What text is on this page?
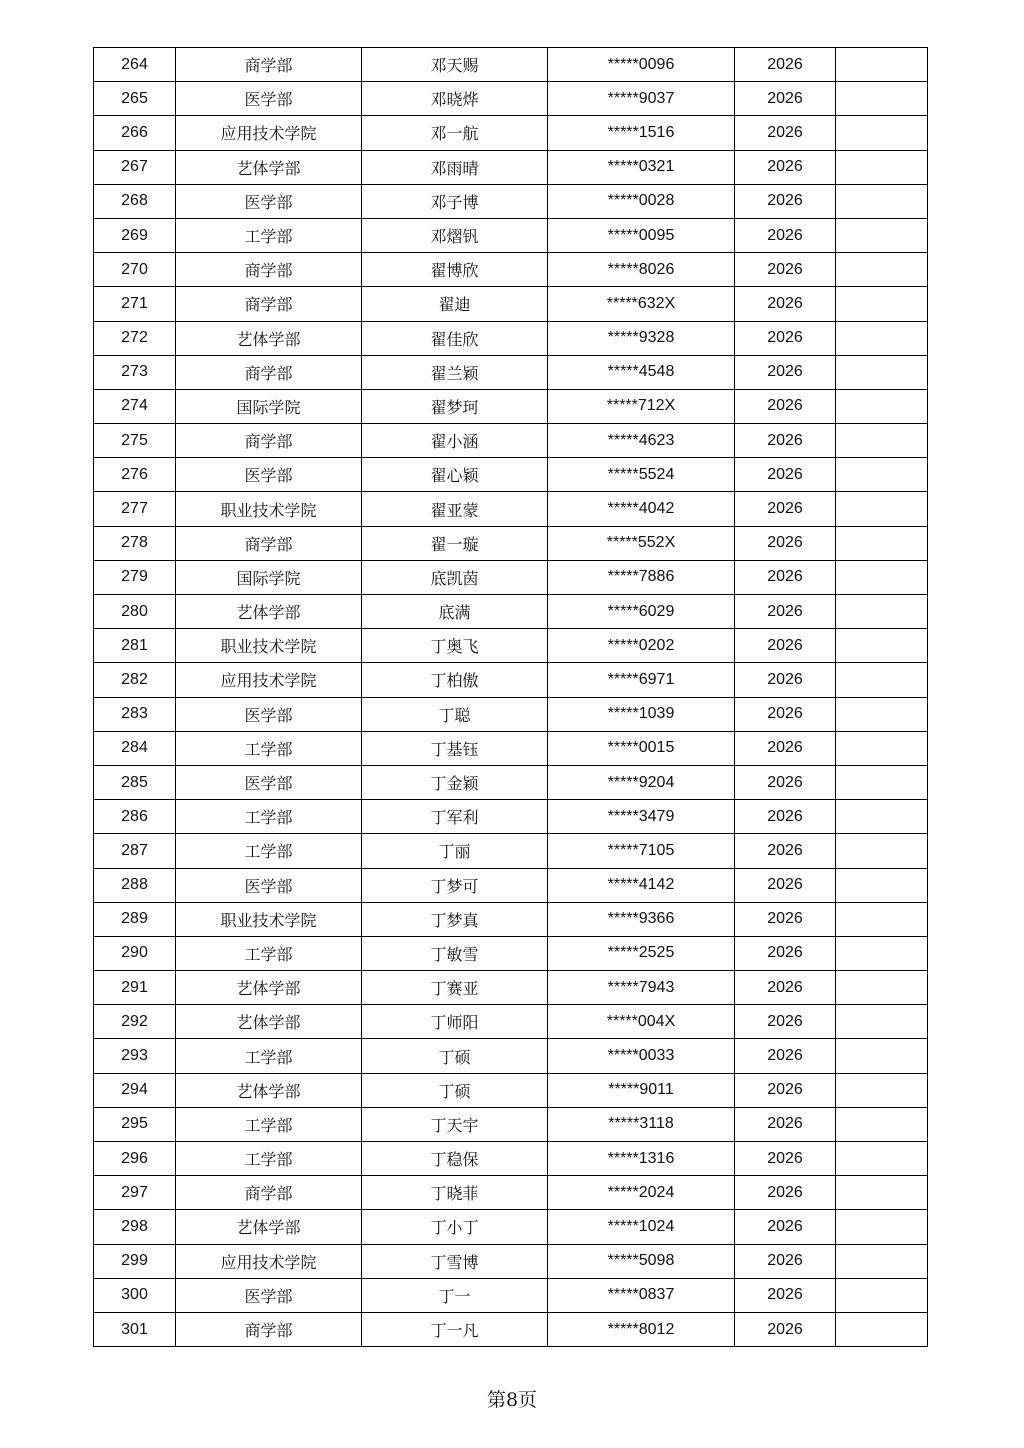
264	商学部	邓天赐	*****0096	2026	
265	医学部	邓晓烨	*****9037	2026	
266	应用技术学院	邓一航	*****1516	2026	
267	艺体学部	邓雨晴	*****0321	2026	
268	医学部	邓子博	*****0028	2026	
269	工学部	邓熠钒	*****0095	2026	
270	商学部	翟博欣	*****8026	2026	
271	商学部	翟迪	*****632X	2026	
272	艺体学部	翟佳欣	*****9328	2026	
273	商学部	翟兰颖	*****4548	2026	
274	国际学院	翟梦珂	*****712X	2026	
275	商学部	翟小涵	*****4623	2026	
276	医学部	翟心颖	*****5524	2026	
277	职业技术学院	翟亚蒙	*****4042	2026	
278	商学部	翟一璇	*****552X	2026	
279	国际学院	底凯茵	*****7886	2026	
280	艺体学部	底满	*****6029	2026	
281	职业技术学院	丁奥飞	*****0202	2026	
282	应用技术学院	丁柏傲	*****6971	2026	
283	医学部	丁聪	*****1039	2026	
284	工学部	丁基钰	*****0015	2026	
285	医学部	丁金颖	*****9204	2026	
286	工学部	丁军利	*****3479	2026	
287	工学部	丁丽	*****7105	2026	
288	医学部	丁梦可	*****4142	2026	
289	职业技术学院	丁梦真	*****9366	2026	
290	工学部	丁敏雪	*****2525	2026	
291	艺体学部	丁赛亚	*****7943	2026	
292	艺体学部	丁师阳	*****004X	2026	
293	工学部	丁硕	*****0033	2026	
294	艺体学部	丁硕	*****9011	2026	
295	工学部	丁天宇	*****3118	2026	
296	工学部	丁稳保	*****1316	2026	
297	商学部	丁晓菲	*****2024	2026	
298	艺体学部	丁小丁	*****1024	2026	
299	应用技术学院	丁雪博	*****5098	2026	
300	医学部	丁一	*****0837	2026	
301	商学部	丁一凡	*****8012	2026	
第8页
